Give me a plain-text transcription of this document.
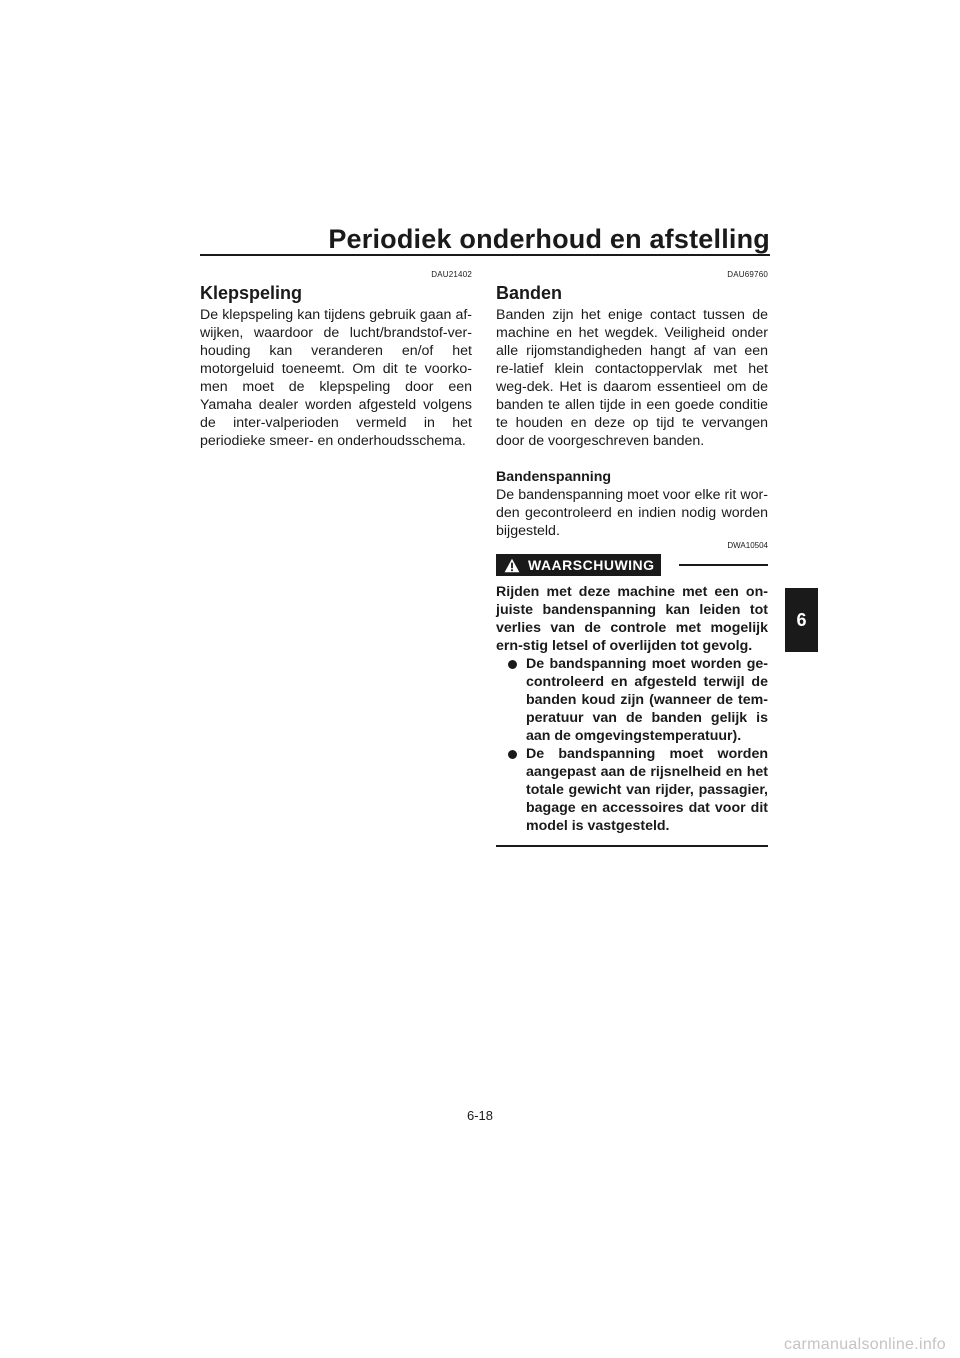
Periodiek onderhoud en afstelling
6
DAU21402
Klepspeling

De klepspeling kan tijdens gebruik gaan af-wijken, waardoor de lucht/brandstof-ver-houding kan veranderen en/of het motorgeluid toeneemt. Om dit te voorko-men moet de klepspeling door een Yamaha dealer worden afgesteld volgens de inter-valperioden vermeld in het periodieke smeer- en onderhoudsschema.

DAU69760
Banden

Banden zijn het enige contact tussen de machine en het wegdek. Veiligheid onder alle rijomstandigheden hangt af van een re-latief klein contactoppervlak met het weg-dek. Het is daarom essentieel om de banden te allen tijde in een goede conditie te houden en deze op tijd te vervangen door de voorgeschreven banden.

Bandenspanning

De bandenspanning moet voor elke rit wor-den gecontroleerd en indien nodig worden bijgesteld.

DWA10504
WAARSCHUWING

Rijden met deze machine met een on-juiste bandenspanning kan leiden tot verlies van de controle met mogelijk ern-stig letsel of overlijden tot gevolg.

De bandspanning moet worden ge-controleerd en afgesteld terwijl de banden koud zijn (wanneer de tem-peratuur van de banden gelijk is aan de omgevingstemperatuur).
De bandspanning moet worden aangepast aan de rijsnelheid en het totale gewicht van rijder, passagier, bagage en accessoires dat voor dit model is vastgesteld.
6-18
carmanualsonline.info
